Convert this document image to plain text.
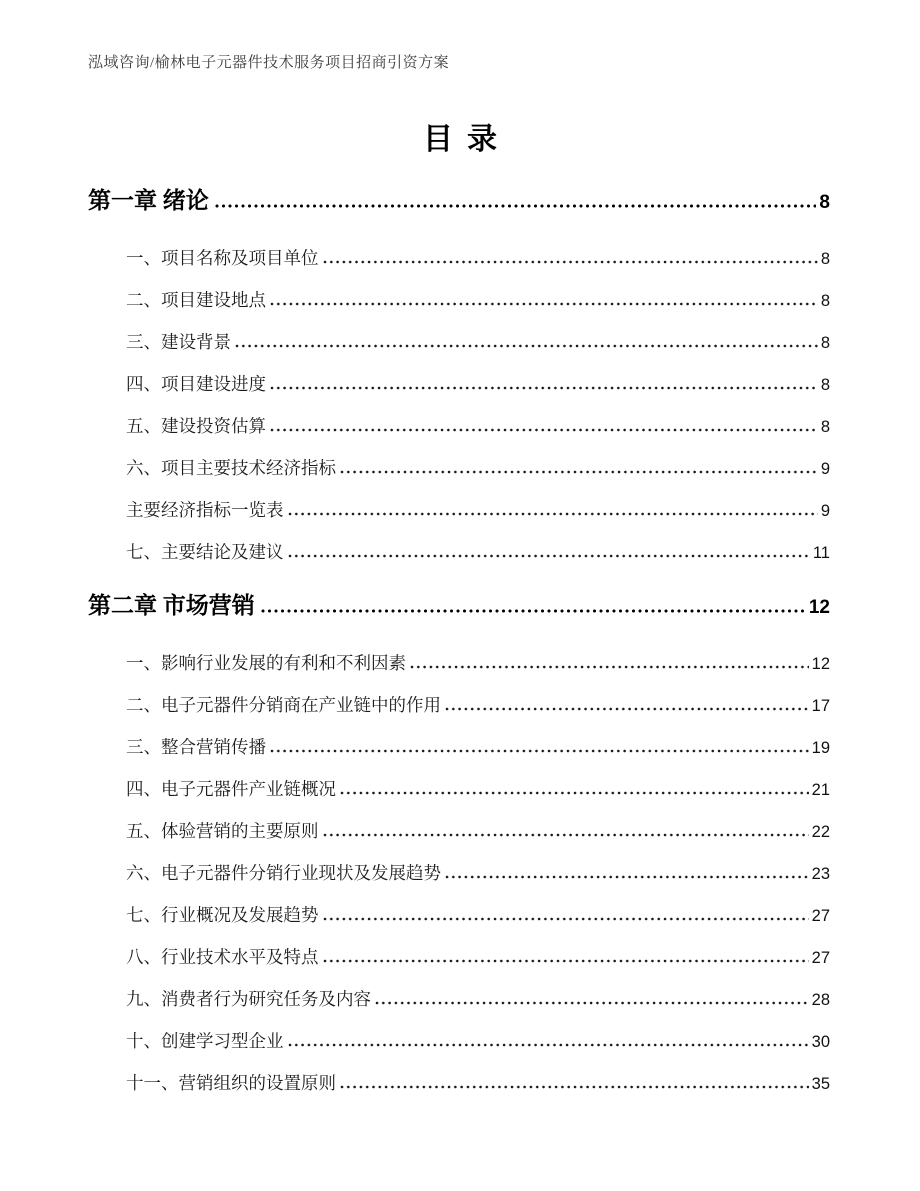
泓域咨询/榆林电子元器件技术服务项目招商引资方案
目录
第一章 绪论	8
一、项目名称及项目单位	8
二、项目建设地点	8
三、建设背景	8
四、项目建设进度	8
五、建设投资估算	8
六、项目主要技术经济指标	9
主要经济指标一览表	9
七、主要结论及建议	11
第二章 市场营销	12
一、影响行业发展的有利和不利因素	12
二、电子元器件分销商在产业链中的作用	17
三、整合营销传播	19
四、电子元器件产业链概况	21
五、体验营销的主要原则	22
六、电子元器件分销行业现状及发展趋势	23
七、行业概况及发展趋势	27
八、行业技术水平及特点	27
九、消费者行为研究任务及内容	28
十、创建学习型企业	30
十一、营销组织的设置原则	35
